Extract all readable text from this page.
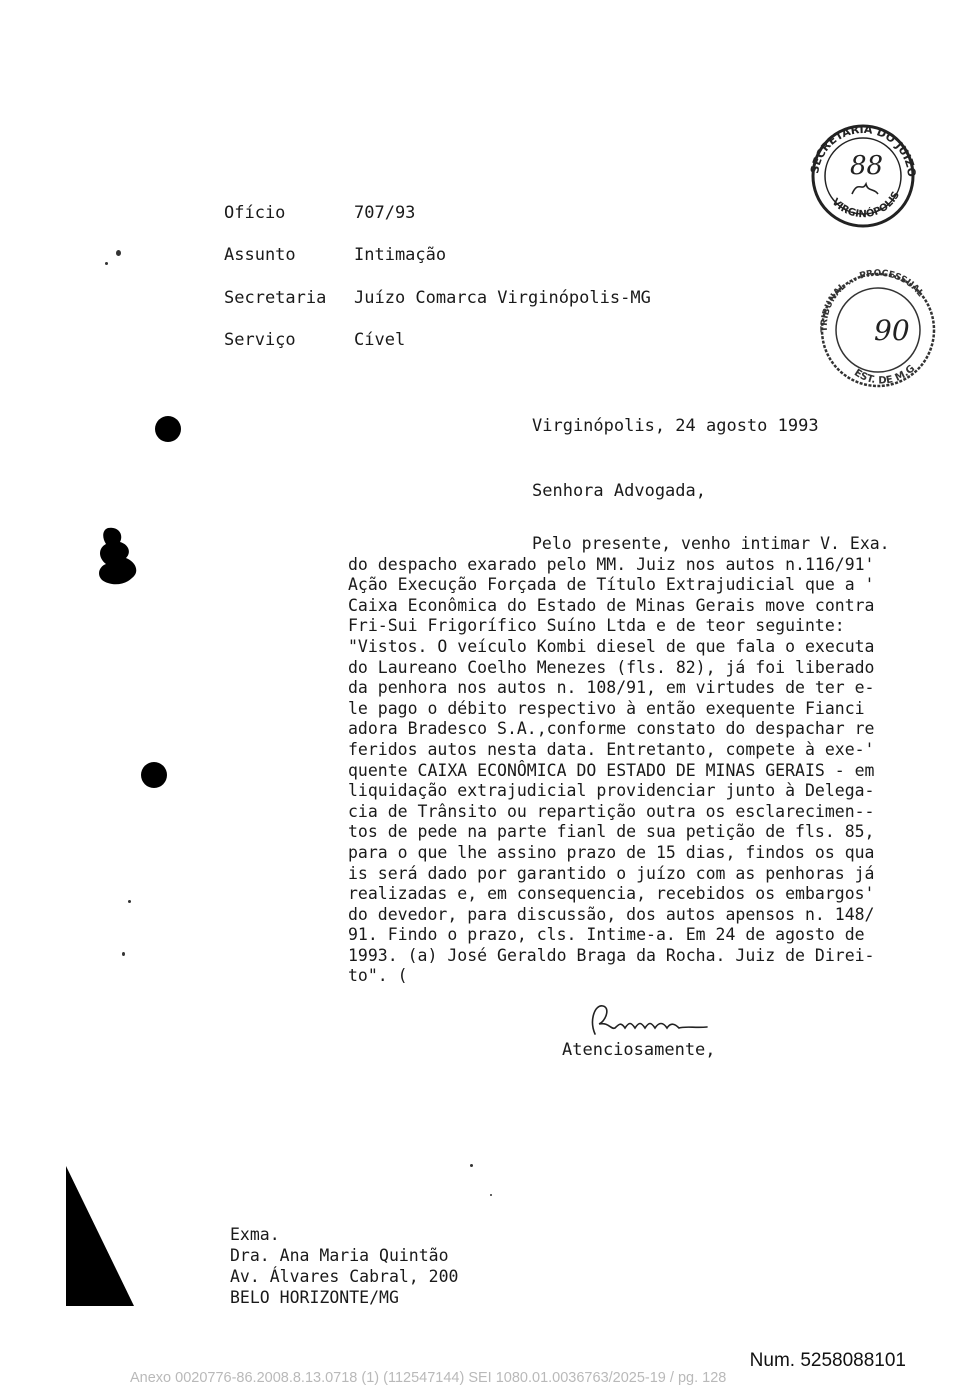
SECRETARIA DO JUIZO
VIRGINÓPOLIS
88
TRIBUNAL ... PROCESSUAL
EST. DE M.G
90
Ofício	707/93
Assunto	Intimação
Secretaria Juízo Comarca Virginópolis-MG
Serviço	Cível
Virginópolis, 24 agosto 1993
Senhora Advogada,
Pelo presente, venho intimar V. Exa.
do despacho exarado pelo MM. Juiz nos autos n.116/91'
Ação Execução Forçada de Título Extrajudicial que a '
Caixa Econômica do Estado de Minas Gerais move contra
Fri-Sui Frigorífico Suíno Ltda e de teor seguinte:
"Vistos. O veículo Kombi diesel de que fala o executa
do Laureano Coelho Menezes (fls. 82), já foi liberado
da penhora nos autos n. 108/91, em virtudes de ter e-
le pago o débito respectivo à então exequente Fianci
adora Bradesco S.A.,conforme constato do despachar re
feridos autos nesta data. Entretanto, compete à exe-'
quente CAIXA ECONÔMICA DO ESTADO DE MINAS GERAIS - em
liquidação extrajudicial providenciar junto à Delega-
cia de Trânsito ou repartição outra os esclarecimen--
tos de pede na parte fianl de sua petição de fls. 85,
para o que lhe assino prazo de 15 dias, findos os qua
is será dado por garantido o juízo com as penhoras já
realizadas e, em consequencia, recebidos os embargos'
do devedor, para discussão, dos autos apensos n. 148/
91. Findo o prazo, cls. Intime-a. Em 24 de agosto de
1993. (a) José Geraldo Braga da Rocha. Juiz de Direi-
to". (
Atenciosamente,
Exma.
Dra. Ana Maria Quintão
Av. Álvares Cabral, 200
BELO HORIZONTE/MG
Num. 5258088101
Anexo 0020776-86.2008.8.13.0718 (1) (112547144) SEI 1080.01.0036763/2025-19 / pg. 128
